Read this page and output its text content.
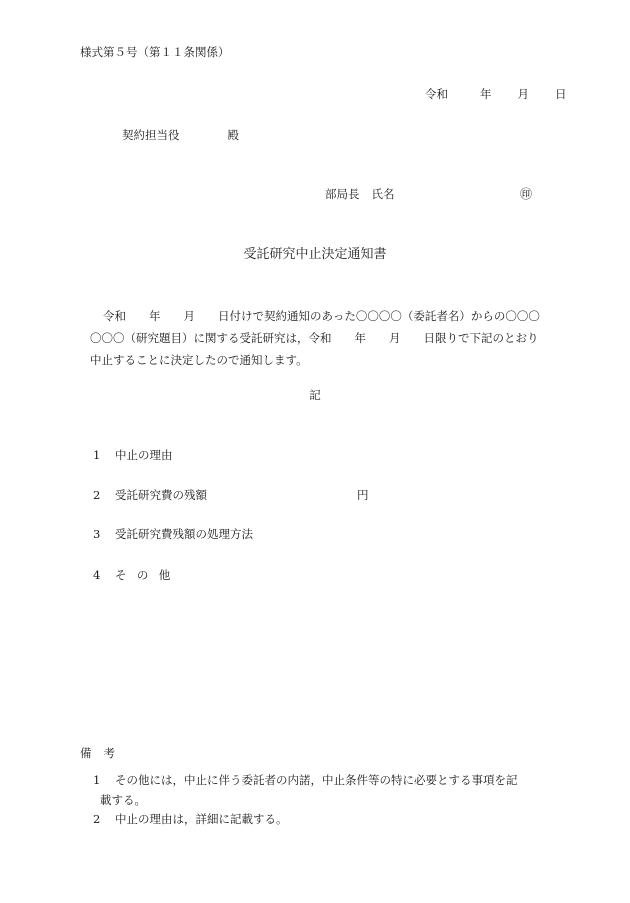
様式第５号（第１１条関係）
令和	年 月 日
契約担当役	殿
部局長 氏名	㊞
受託研究中止決定通知書

令和　　年　　月　　日付けで契約通知のあった〇〇〇〇（委託者名）からの〇〇〇

〇〇〇（研究題目）に関する受託研究は，令和　　年　　月　　日限りで下記のとおり

中止することに決定したので通知します。

記
1 中止の理由
2 受託研究費の残額	円
3 受託研究費残額の処理方法
4 その他
備 考
1 その他には，中止に伴う委託者の内諾，中止条件等の特に必要とする事項を記
載する。
2 中止の理由は，詳細に記載する。
